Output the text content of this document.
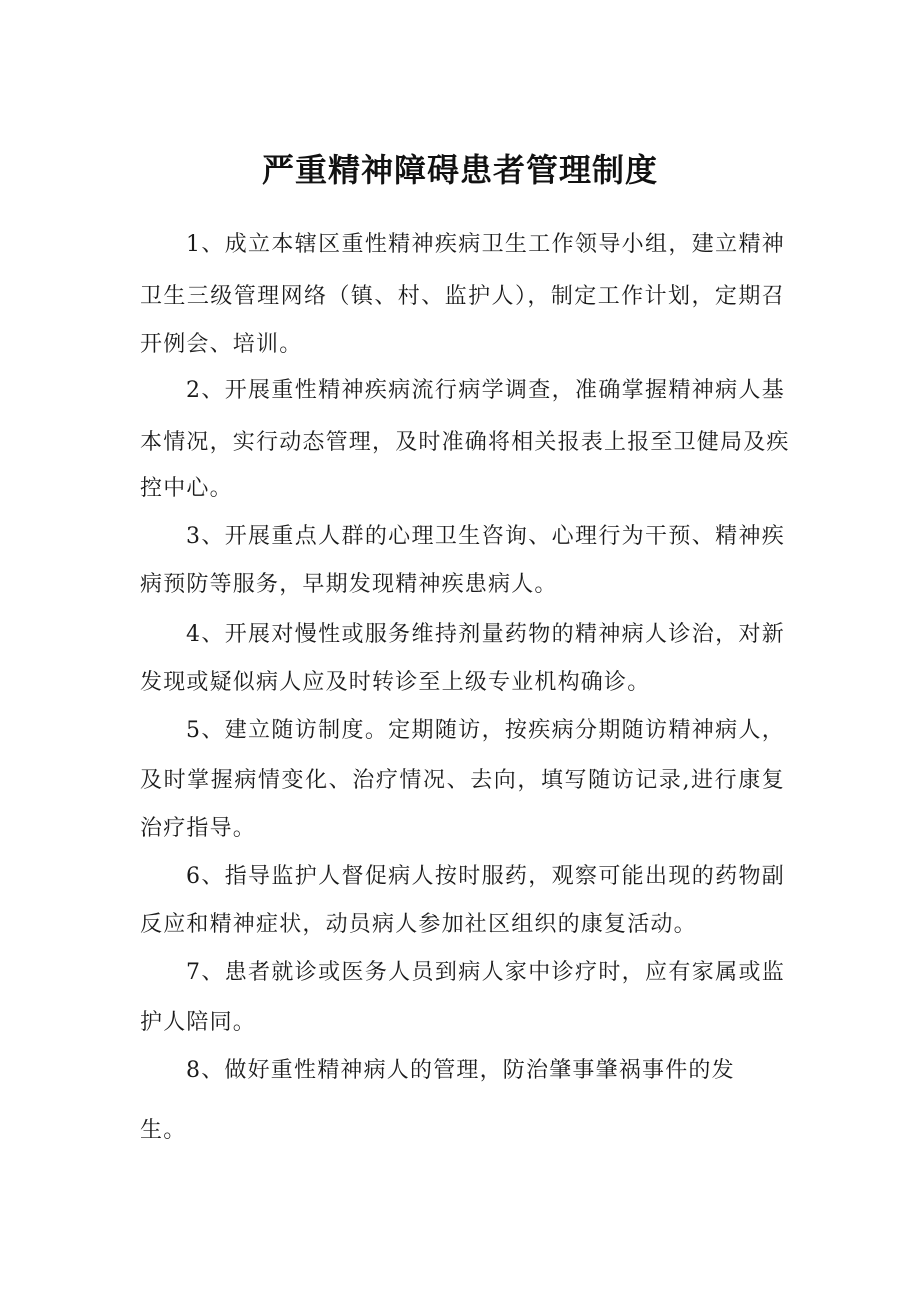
严重精神障碍患者管理制度
1、成立本辖区重性精神疾病卫生工作领导小组，建立精神
卫生三级管理网络（镇、村、监护人），制定工作计划，定期召
开例会、培训。
2、开展重性精神疾病流行病学调查，准确掌握精神病人基
本情况，实行动态管理，及时准确将相关报表上报至卫健局及疾
控中心。
3、开展重点人群的心理卫生咨询、心理行为干预、精神疾
病预防等服务，早期发现精神疾患病人。
4、开展对慢性或服务维持剂量药物的精神病人诊治，对新
发现或疑似病人应及时转诊至上级专业机构确诊。
5、建立随访制度。定期随访，按疾病分期随访精神病人，
及时掌握病情变化、治疗情况、去向，填写随访记录,进行康复
治疗指导。
6、指导监护人督促病人按时服药，观察可能出现的药物副
反应和精神症状，动员病人参加社区组织的康复活动。
7、患者就诊或医务人员到病人家中诊疗时，应有家属或监
护人陪同。
8、做好重性精神病人的管理，防治肇事肇祸事件的发
生。
